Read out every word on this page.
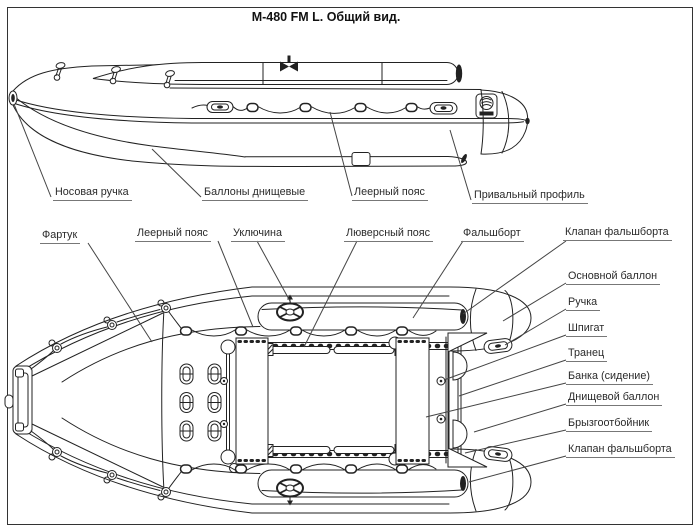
М-480 FM L. Общий вид.
Носовая ручка	Баллоны днищевые	Леерный пояс	Привальный профиль
Фартук	Леерный пояс Уключина	Люверсный пояс	Фальшборт	Клапан фальшборта
Основной баллон
Ручка
Шпигат
Транец
Банка (сидение)
Днищевой баллон
Брызгоотбойник
Клапан фальшборта
